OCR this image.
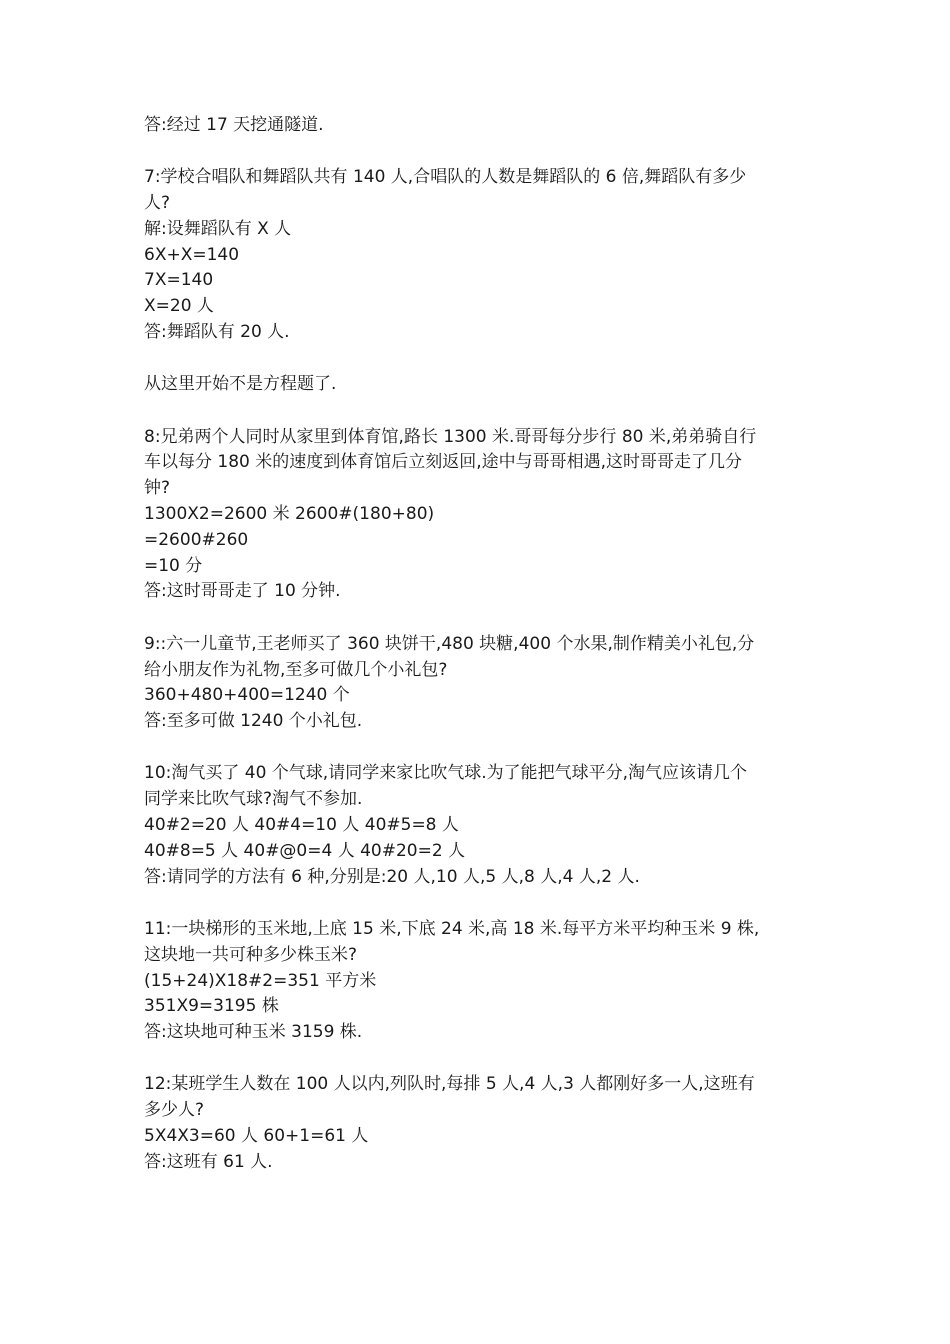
答:经过 17 天挖通隧道.
7:学校合唱队和舞蹈队共有 140 人,合唱队的人数是舞蹈队的 6 倍,舞蹈队有多少
人?
解:设舞蹈队有 X 人
6X+X=140
7X=140
X=20 人
答:舞蹈队有 20 人.
从这里开始不是方程题了.
8:兄弟两个人同时从家里到体育馆,路长 1300 米.哥哥每分步行 80 米,弟弟骑自行
车以每分 180 米的速度到体育馆后立刻返回,途中与哥哥相遇,这时哥哥走了几分
钟?
1300X2=2600 米 2600#(180+80)
=2600#260
=10 分
答:这时哥哥走了 10 分钟.
9::六一儿童节,王老师买了 360 块饼干,480 块糖,400 个水果,制作精美小礼包,分
给小朋友作为礼物,至多可做几个小礼包?
360+480+400=1240 个
答:至多可做 1240 个小礼包.
10:淘气买了 40 个气球,请同学来家比吹气球.为了能把气球平分,淘气应该请几个
同学来比吹气球?淘气不参加.
40#2=20 人 40#4=10 人 40#5=8 人
40#8=5 人 40#@0=4 人 40#20=2 人
答:请同学的方法有 6 种,分别是:20 人,10 人,5 人,8 人,4 人,2 人.
11:一块梯形的玉米地,上底 15 米,下底 24 米,高 18 米.每平方米平均种玉米 9 株,
这块地一共可种多少株玉米?
(15+24)X18#2=351 平方米
351X9=3195 株
答:这块地可种玉米 3159 株.
12:某班学生人数在 100 人以内,列队时,每排 5 人,4 人,3 人都刚好多一人,这班有
多少人?
5X4X3=60 人 60+1=61 人
答:这班有 61 人.
